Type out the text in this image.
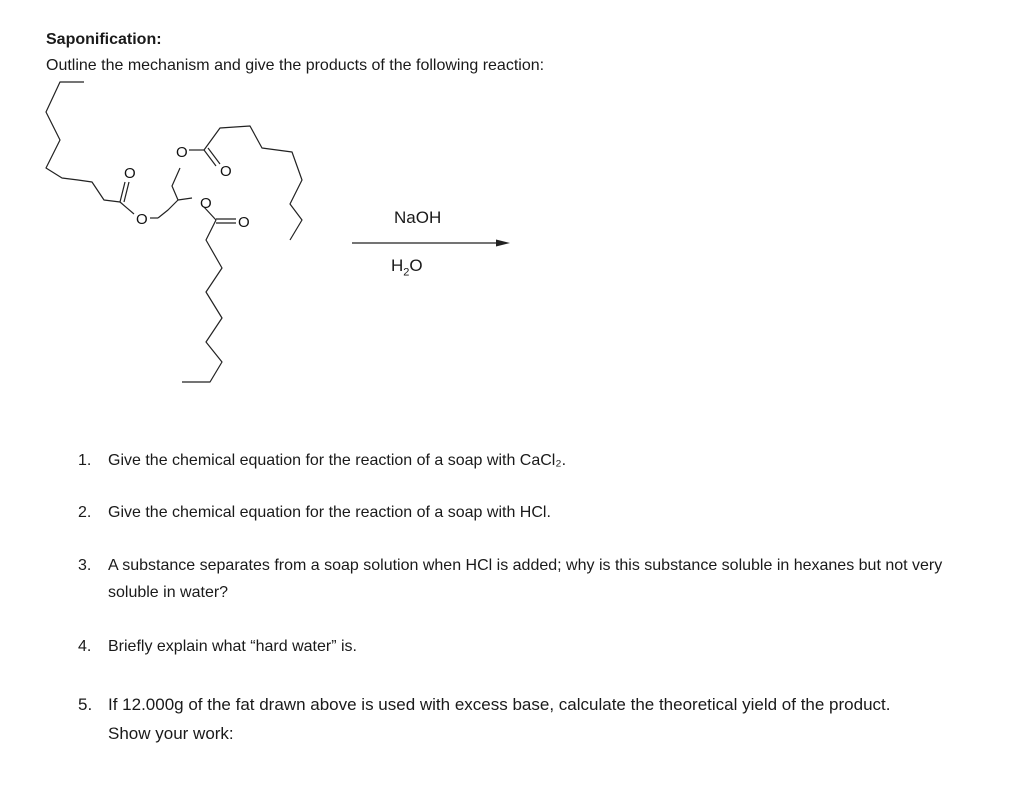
Saponification:
Outline the mechanism and give the products of the following reaction:
O
O
O
O
O
O	NaOH
$H_2O$
1. Give the chemical equation for the reaction of a soap with CaCl₂.
2. Give the chemical equation for the reaction of a soap with HCl.
3. A substance separates from a soap solution when HCl is added; why is this substance soluble in hexanes but not very soluble in water?
4. Briefly explain what “hard water” is.
5. If 12.000g of the fat drawn above is used with excess base, calculate the theoretical yield of the product. Show your work:
